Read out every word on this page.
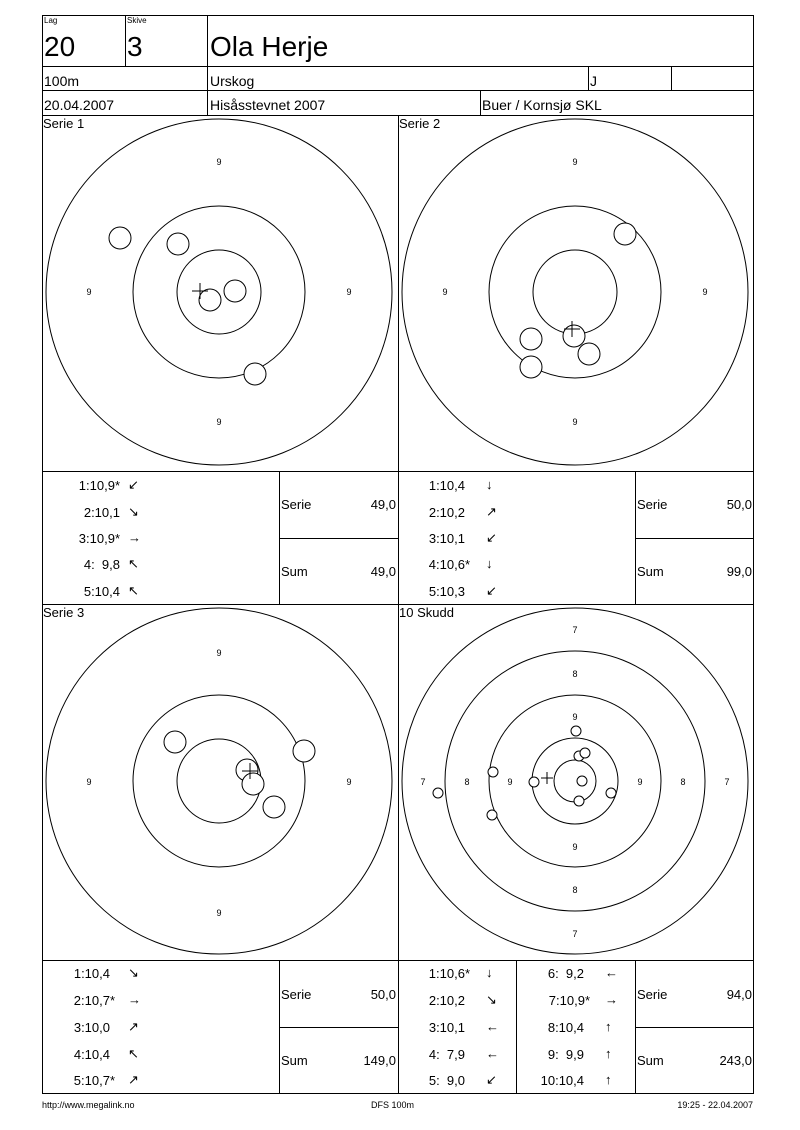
Lag
20
Skive
3 Ola Herje
100m	Urskog	J
20.04.2007	Hisåsstevnet 2007	Buer / Kornsjø SKL
Serie 1	Serie 2
Serie 3	10 Skudd
9
9
9	9
9
9
9	9
9
9
9	9
7
7
7	7
8
8
8	8
9
9
9	9
1:10,9* ↙
2:10,1 ↘
3:10,9* →
4:  9,8 ↖
5:10,4 ↖
Serie	49,0
Sum	49,0
1:10,4 ↓
2:10,2 ↗
3:10,1 ↙
4:10,6* ↓
5:10,3 ↙
Serie	50,0
Sum	99,0
1:10,4 ↘
2:10,7* →
3:10,0 ↗
4:10,4 ↖
5:10,7* ↗
Serie	50,0
Sum	149,0
1:10,6* ↓
2:10,2 ↘
3:10,1 ←
4:  7,9 ←
5:  9,0 ↙
6:  9,2 ←
7:10,9* →
8:10,4 ↑
9:  9,9 ↑
10:10,4 ↑
Serie	94,0
Sum	243,0
http://www.megalink.no	DFS 100m	19:25 - 22.04.2007
